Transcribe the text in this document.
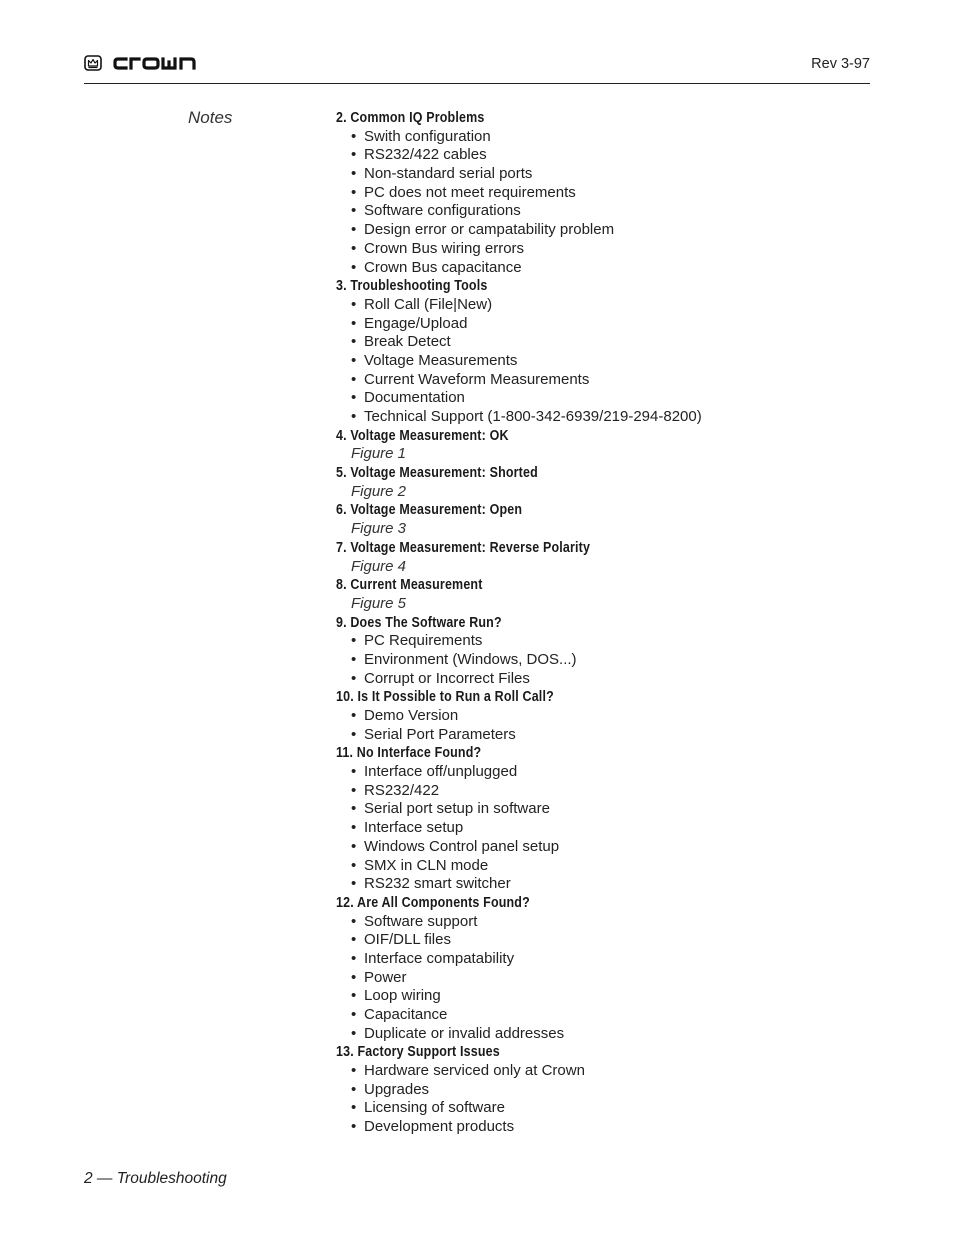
Rev 3-97
Notes	2. Common IQ Problems
• Swith configuration
• RS232/422 cables
• Non-standard serial ports
• PC does not meet requirements
• Software configurations
• Design error or campatability problem
• Crown Bus wiring errors
• Crown Bus capacitance
3. Troubleshooting Tools
• Roll Call (File|New)
• Engage/Upload
• Break Detect
• Voltage Measurements
• Current Waveform Measurements
• Documentation
• Technical Support (1-800-342-6939/219-294-8200)
4. Voltage Measurement: OK
Figure 1
5. Voltage Measurement: Shorted
Figure 2
6. Voltage Measurement: Open
Figure 3
7. Voltage Measurement: Reverse Polarity
Figure 4
8. Current Measurement
Figure 5
9. Does The Software Run?
• PC Requirements
• Environment (Windows, DOS...)
• Corrupt or Incorrect Files
10. Is It Possible to Run a Roll Call?
• Demo Version
• Serial Port Parameters
11. No Interface Found?
• Interface off/unplugged
• RS232/422
• Serial port setup in software
• Interface setup
• Windows Control panel setup
• SMX in CLN mode
• RS232 smart switcher
12. Are All Components Found?
• Software support
• OIF/DLL files
• Interface compatability
• Power
• Loop wiring
• Capacitance
• Duplicate or invalid addresses
13. Factory Support Issues
• Hardware serviced only at Crown
• Upgrades
• Licensing of software
• Development products
2 — Troubleshooting
